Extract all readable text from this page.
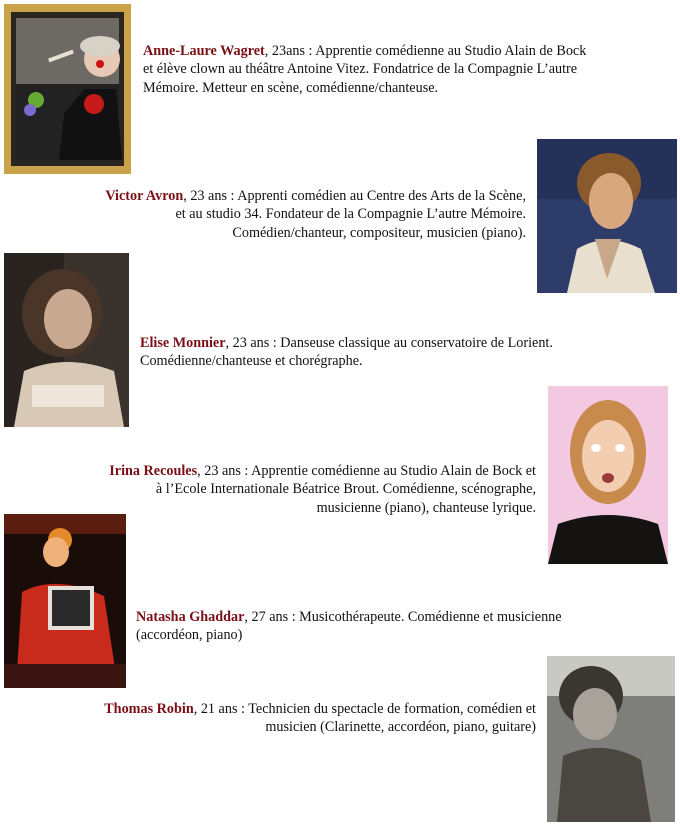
Anne-Laure Wagret, 23ans : Apprentie comédienne au Studio Alain de Bock
et élève clown au théâtre Antoine Vitez. Fondatrice de la Compagnie L’autre
Mémoire. Metteur en scène, comédienne/chanteuse.
Victor Avron, 23 ans : Apprenti comédien au Centre des Arts de la Scène,
et au studio 34. Fondateur de la Compagnie L’autre Mémoire.
Comédien/chanteur, compositeur, musicien (piano).
Elise Monnier, 23 ans : Danseuse classique au conservatoire de Lorient.
Comédienne/chanteuse et chorégraphe.
Irina Recoules, 23 ans : Apprentie comédienne au Studio Alain de Bock et
à l’Ecole Internationale Béatrice Brout. Comédienne, scénographe,
musicienne (piano), chanteuse lyrique.
Natasha Ghaddar, 27 ans : Musicothérapeute. Comédienne et musicienne
(accordéon, piano)
Thomas Robin, 21 ans : Technicien du spectacle de formation, comédien et
musicien (Clarinette, accordéon, piano, guitare)
